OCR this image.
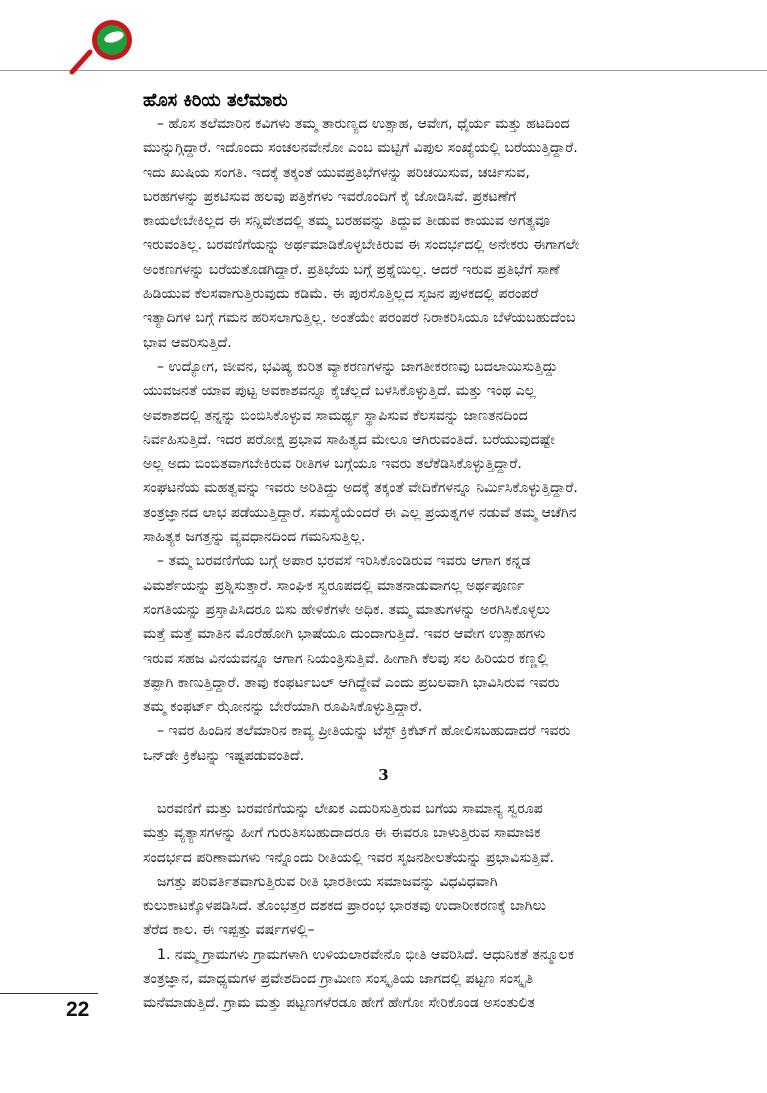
ಹೊಸ ಕಿರಿಯ ತಲೆಮಾರು

– ಹೊಸ ತಲೆಮಾರಿನ ಕವಿಗಳು ತಮ್ಮ ತಾರುಣ್ಯದ ಉತ್ಸಾಹ, ಆವೇಗ, ಧೈರ್ಯ ಮತ್ತು ಹಟದಿಂದ
ಮುನ್ನುಗ್ಗಿದ್ದಾರೆ. ಇದೊಂದು ಸಂಚಲನವೇನೋ ಎಂಬ ಮಟ್ಟಿಗೆ ವಿಪುಲ ಸಂಖ್ಯೆಯಲ್ಲಿ ಬರೆಯುತ್ತಿದ್ದಾರೆ.
ಇದು ಖುಷಿಯ ಸಂಗತಿ. ಇದಕ್ಕೆ ತಕ್ಕಂತೆ ಯುವಪ್ರತಿಭೆಗಳನ್ನು ಪರಿಚಯಿಸುವ, ಚರ್ಚಿಸುವ,
ಬರಹಗಳನ್ನು ಪ್ರಕಟಿಸುವ ಹಲವು ಪತ್ರಿಕೆಗಳು ಇವರೊಂದಿಗೆ ಕೈ ಜೋಡಿಸಿವೆ. ಪ್ರಕಟಣೆಗೆ
ಕಾಯಲೇಬೇಕಿಲ್ಲದ ಈ ಸನ್ನಿವೇಶದಲ್ಲಿ ತಮ್ಮ ಬರಹವನ್ನು ತಿದ್ದುವ ತೀಡುವ ಕಾಯುವ ಅಗತ್ಯವೂ
ಇರುವಂತಿಲ್ಲ. ಬರವಣಿಗೆಯನ್ನು ಅರ್ಥಮಾಡಿಕೊಳ್ಳಬೇಕಿರುವ ಈ ಸಂದರ್ಭದಲ್ಲಿ ಅನೇಕರು ಈಗಾಗಲೇ
ಅಂಕಣಗಳನ್ನು ಬರೆಯತೊಡಗಿದ್ದಾರೆ. ಪ್ರತಿಭೆಯ ಬಗ್ಗೆ ಪ್ರಶ್ನೆಯಿಲ್ಲ. ಆದರೆ ಇರುವ ಪ್ರತಿಭೆಗೆ ಸಾಣೆ
ಹಿಡಿಯುವ ಕೆಲಸವಾಗುತ್ತಿರುವುದು ಕಡಿಮೆ. ಈ ಪುರಸೊತ್ತಿಲ್ಲದ ಸೃಜನ ಪುಳಕದಲ್ಲಿ ಪರಂಪರೆ
ಇತ್ಯಾದಿಗಳ ಬಗ್ಗೆ ಗಮನ ಹರಿಸಲಾಗುತ್ತಿಲ್ಲ. ಅಂತೆಯೇ ಪರಂಪರೆ ನಿರಾಕರಿಸಿಯೂ ಬೆಳೆಯಬಹುದೆಂಬ
ಭಾವ ಆವರಿಸುತ್ತಿದೆ.

– ಉದ್ಯೋಗ, ಜೀವನ, ಭವಿಷ್ಯ ಕುರಿತ ವ್ಯಾಕರಣಗಳನ್ನು ಜಾಗತೀಕರಣವು ಬದಲಾಯಿಸುತ್ತಿದ್ದು
ಯುವಜನತೆ ಯಾವ ಪುಟ್ಟ ಅವಕಾಶವನ್ನೂ ಕೈಚೆಲ್ಲದೆ ಬಳಸಿಕೊಳ್ಳುತ್ತಿದೆ. ಮತ್ತು ಇಂಥ ಎಲ್ಲ
ಅವಕಾಶದಲ್ಲಿ ತನ್ನನ್ನು ಬಿಂಬಿಸಿಕೊಳ್ಳುವ ಸಾಮರ್ಥ್ಯ ಸ್ಥಾಪಿಸುವ ಕೆಲಸವನ್ನು ಜಾಣತನದಿಂದ
ನಿರ್ವಹಿಸುತ್ತಿದೆ. ಇದರ ಪರೋಕ್ಷ ಪ್ರಭಾವ ಸಾಹಿತ್ಯದ ಮೇಲೂ ಆಗಿರುವಂತಿದೆ. ಬರೆಯುವುದಷ್ಟೇ
ಅಲ್ಲ ಅದು ಬಿಂಬಿತವಾಗಬೇಕಿರುವ ರೀತಿಗಳ ಬಗ್ಗೆಯೂ ಇವರು ತಲೆಕೆಡಿಸಿಕೊಳ್ಳುತ್ತಿದ್ದಾರೆ.
ಸಂಘಟನೆಯ ಮಹತ್ವವನ್ನು ಇವರು ಅರಿತಿದ್ದು ಅದಕ್ಕೆ ತಕ್ಕಂತೆ ವೇದಿಕೆಗಳನ್ನೂ ನಿರ್ಮಿಸಿಕೊಳ್ಳುತ್ತಿದ್ದಾರೆ.
ತಂತ್ರಜ್ಞಾನದ ಲಾಭ ಪಡೆಯುತ್ತಿದ್ದಾರೆ. ಸಮಸ್ಯೆಯೆಂದರೆ ಈ ಎಲ್ಲ ಪ್ರಯತ್ನಗಳ ನಡುವೆ ತಮ್ಮ ಆಚೆಗಿನ
ಸಾಹಿತ್ಯಕ ಜಗತ್ತನ್ನು ವ್ಯವಧಾನದಿಂದ ಗಮನಿಸುತ್ತಿಲ್ಲ.

– ತಮ್ಮ ಬರವಣಿಗೆಯ ಬಗ್ಗೆ ಅಪಾರ ಭರವಸೆ ಇರಿಸಿಕೊಂಡಿರುವ ಇವರು ಆಗಾಗ ಕನ್ನಡ
ವಿಮರ್ಶೆಯನ್ನು ಪ್ರಶ್ನಿಸುತ್ತಾರೆ. ಸಾಂಘಿಕ ಸ್ವರೂಪದಲ್ಲಿ ಮಾತನಾಡುವಾಗಲ್ಲ ಅರ್ಥಪೂರ್ಣ
ಸಂಗತಿಯನ್ನು ಪ್ರಸ್ತಾಪಿಸಿದರೂ ಬಿಸು ಹೇಳಿಕೆಗಳೇ ಅಧಿಕ. ತಮ್ಮ ಮಾತುಗಳನ್ನು ಅರಗಿಸಿಕೊಳ್ಳಲು
ಮತ್ತೆ ಮತ್ತೆ ಮಾತಿನ ಮೊರೆಹೋಗಿ ಭಾಷೆಯೂ ದುಂದಾಗುತ್ತಿದೆ. ಇವರ ಆವೇಗ ಉತ್ಸಾಹಗಳು
ಇರುವ ಸಹಜ ವಿನಯವನ್ನೂ ಆಗಾಗ ನಿಯಂತ್ರಿಸುತ್ತಿವೆ. ಹೀಗಾಗಿ ಕೆಲವು ಸಲ ಹಿರಿಯರ ಕಣ್ಣಲ್ಲಿ
ತಪ್ಪಾಗಿ ಕಾಣುತ್ತಿದ್ದಾರೆ. ತಾವು ಕಂಫರ್ಟಬಲ್ ಆಗಿದ್ದೇವೆ ಎಂದು ಪ್ರಬಲವಾಗಿ ಭಾವಿಸಿರುವ ಇವರು
ತಮ್ಮ ಕಂಫರ್ಟ್ ಝೋನನ್ನು ಬೇರೆಯಾಗಿ ರೂಪಿಸಿಕೊಳ್ಳುತ್ತಿದ್ದಾರೆ.

– ಇವರ ಹಿಂದಿನ ತಲೆಮಾರಿನ ಕಾವ್ಯ ಪ್ರೀತಿಯನ್ನು ಟೆಸ್ಟ್ ಕ್ರಿಕೆಟ್‌ಗೆ ಹೋಲಿಸಬಹುದಾದರೆ ಇವರು
ಒನ್‌ಡೇ ಕ್ರಿಕೆಟನ್ನು ಇಷ್ಟಪಡುವಂತಿದೆ.

3

ಬರವಣಿಗೆ ಮತ್ತು ಬರವಣಿಗೆಯನ್ನು ಲೇಖಕ ಎದುರಿಸುತ್ತಿರುವ ಬಗೆಯ ಸಾಮಾನ್ಯ ಸ್ವರೂಪ
ಮತ್ತು ವ್ಯತ್ಯಾಸಗಳನ್ನು ಹೀಗೆ ಗುರುತಿಸಬಹುದಾದರೂ ಈ ಈವರೂ ಬಾಳುತ್ತಿರುವ ಸಾಮಾಜಿಕ
ಸಂದರ್ಭದ ಪರಿಣಾಮಗಳು ಇನ್ನೊಂದು ರೀತಿಯಲ್ಲಿ ಇವರ ಸೃಜನಶೀಲತೆಯನ್ನು ಪ್ರಭಾವಿಸುತ್ತಿವೆ.

ಜಗತ್ತು ಪರಿವರ್ತಿತವಾಗುತ್ತಿರುವ ರೀತಿ ಭಾರತೀಯ ಸಮಾಜವನ್ನು ವಿಧವಿಧವಾಗಿ
ಕುಲುಕಾಟಕ್ಕೊಳಪಡಿಸಿದೆ. ತೊಂಭತ್ತರ ದಶಕದ ಪ್ರಾರಂಭ ಭಾರತವು ಉದಾರೀಕರಣಕ್ಕೆ ಬಾಗಿಲು
ತೆರೆದ ಕಾಲ. ಈ ಇಪ್ಪತ್ತು ವರ್ಷಗಳಲ್ಲಿ–

1. ನಮ್ಮ ಗ್ರಾಮಗಳು ಗ್ರಾಮಗಳಾಗಿ ಉಳಿಯಲಾರವೇನೊ ಭೀತಿ ಆವರಿಸಿದೆ. ಆಧುನಿಕತೆ ತನ್ಮೂಲಕ
ತಂತ್ರಜ್ಞಾನ, ಮಾಧ್ಯಮಗಳ ಪ್ರವೇಶದಿಂದ ಗ್ರಾಮೀಣ ಸಂಸ್ಕೃತಿಯ ಜಾಗದಲ್ಲಿ ಪಟ್ಟಣ ಸಂಸ್ಕೃತಿ
ಮನೆಮಾಡುತ್ತಿದೆ. ಗ್ರಾಮ ಮತ್ತು ಪಟ್ಟಣಗಳೆರಡೂ ಹೇಗೆ ಹೇಗೋ ಸೇರಿಕೊಂಡ ಅಸಂತುಲಿತ

22
